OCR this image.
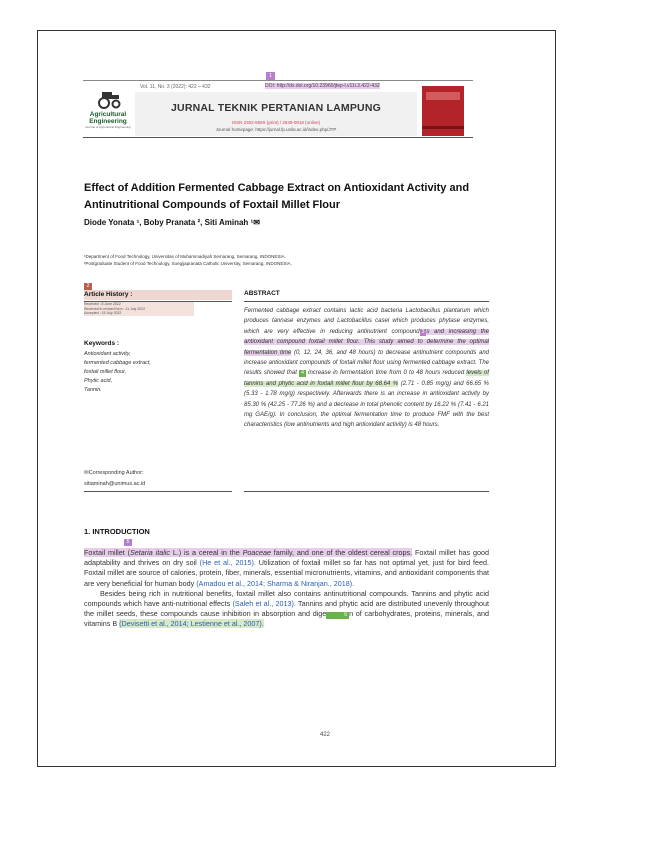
1
Vol. 11, No. 3 (2022): 422 – 432	DOI: http://dx.doi.org/10.23960/jtep-l.v11i.3.422-432
Agricultural Engineering
Journal of Agricultural Engineering
JURNAL TEKNIK PERTANIAN LAMPUNG
ISSN 2302-559X (print) / 2549-0818 (online)
Journal homepage: https://jurnal.fp.unila.ac.id/index.php/JTP
Effect of Addition Fermented Cabbage Extract on Antioxidant Activity and Antinutritional Compounds of Foxtail Millet Flour
Diode Yonata ¹, Boby Pranata ², Siti Aminah ¹✉
¹Department of Food Technology, Universitas of Muhammadiyah Semarang, Semarang, INDONESIA.
²Postgraduate Student of Food Technology, Soegijapranata Catholic University, Semarang, INDONESIA.
2
Article History :
Received : 8 June 2022
Received in revised form : 11 July 2022
Accepted : 15 July 2022
Keywords :
Antioxidant activity,
fermented cabbage extract,
foxtail millet flour,
Phytic acid,
Tannin.
✉Corresponding Author:
sitiaminah@unimus.ac.id
ABSTRACT
Fermented cabbage extract contains lactic acid bacteria Lactobacillus plantarum which produces tannase enzymes and Lactobacillus casei which produces phytase enzymes, which are very effective in reducing antinutrient compound 3 s and increasing the antioxidant compound foxtail millet flour. This study aimed to determine the optimal fermentation time (0, 12, 24, 36, and 48 hours) to decrease antinutrient compounds and increase antioxidant compounds of foxtail millet flour using fermented cabbage extract. The results showed that 4 increase in fermentation time from 0 to 48 hours reduced levels of tannins and phytic acid in foxtail millet flour by 68.64 % (2.71 - 0.85 mg/g) and 66.65 % (5.33 - 1.78 mg/g) respectively. Afterwards there is an increase in antioxidant activity by 85.30 % (42.25 - 77.26 %) and a decrease in total phenolic content by 16.22 % (7.41 - 6.21 mg GAE/g). In conclusion, the optimal fermentation time to produce FMF with the best characteristics (low antinutrients and high antioxidant activity) is 48 hours.
1. INTRODUCTION
5
Foxtail millet (Setaria italic L.) is a cereal in the Poaceae family, and one of the oldest cereal crops. Foxtail millet has good adaptability and thrives on dry soil (He et al., 2015). Utilization of foxtail millet so far has not optimal yet, just for bird feed. Foxtail millet are source of calories, protein, fiber, minerals, essential micronutrients, vitamins, and antioxidant components that are very beneficial for human body (Amadou et al., 2014; Sharma & Niranjan., 2018).
Besides being rich in nutritional benefits, foxtail millet also contains antinutritional compounds. Tannins and phytic acid compounds which have anti-nutritional effects (Saleh et al., 2013). Tannins and phytic acid are distributed unevenly throughout the millet seeds, these compounds cause inhibition in absorption and dige	6 n of carbohydrates, proteins, minerals, and vitamins B (Devisetti et al., 2014; Lestienne et al., 2007).
422
